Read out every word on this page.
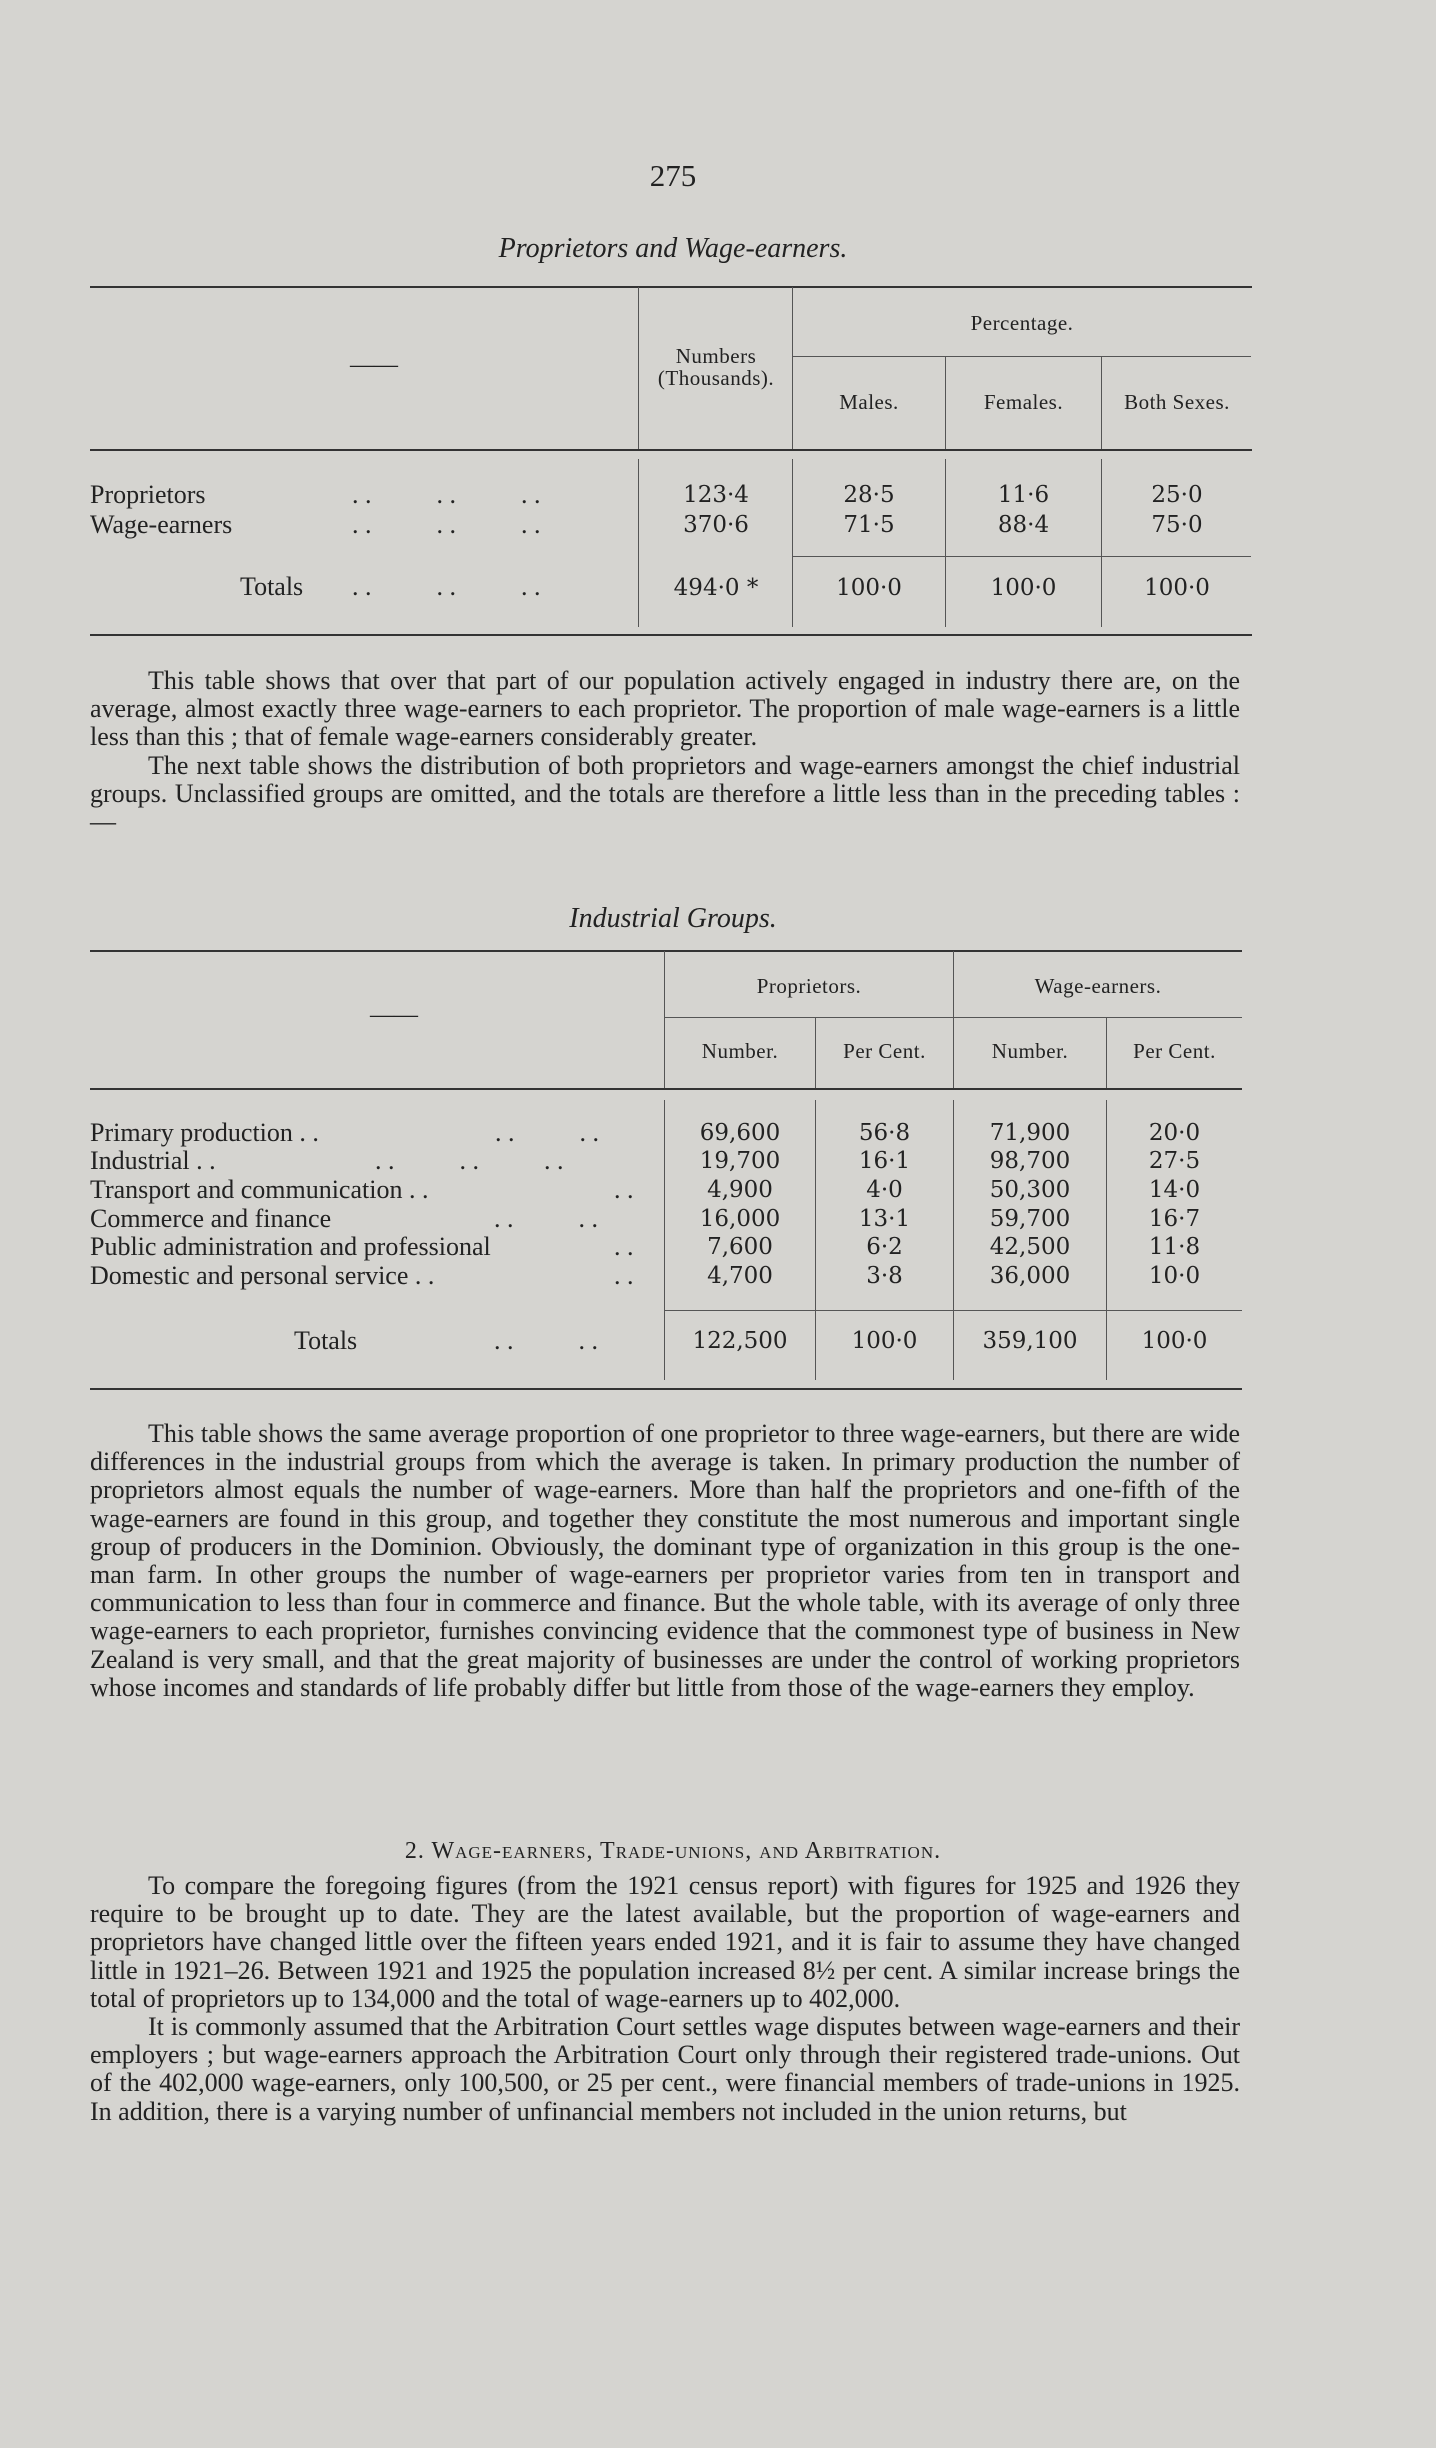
275
Proprietors and Wage-earners.
——	Numbers
(Thousands).
Percentage.
Males.	Females.	Both Sexes.
Proprietors	. .          . .          . .	123·4	28·5	11·6	25·0
Wage-earners	. .          . .          . .	370·6	71·5	88·4	75·0
Totals . .          . .          . .	494·0 *	100·0	100·0	100·0

This table shows that over that part of our population actively engaged in industry there are, on the average, almost exactly three wage-earners to each proprietor. The proportion of male wage-earners is a little less than this ; that of female wage-earners considerably greater.

The next table shows the distribution of both proprietors and wage-earners amongst the chief industrial groups. Unclassified groups are omitted, and the totals are therefore a little less than in the preceding tables :—

Industrial Groups.
——
Proprietors.	Wage-earners.
Number.	Per Cent.	Number.	Per Cent.
Primary production . .	. .          . .	69,600	56·8	71,900	20·0
Industrial . .	. .          . .          . .	19,700	16·1	98,700	27·5
Transport and communication . .	. .	4,900	4·0	50,300	14·0
Commerce and finance	. .          . .	16,000	13·1	59,700	16·7
Public administration and professional	. .	7,600	6·2	42,500	11·8
Domestic and personal service . .	. .	4,700	3·8	36,000	10·0
Totals	. .          . .	122,500	100·0	359,100	100·0

This table shows the same average proportion of one proprietor to three wage-earners, but there are wide differences in the industrial groups from which the average is taken. In primary production the number of proprietors almost equals the number of wage-earners. More than half the proprietors and one-fifth of the wage-earners are found in this group, and together they constitute the most numerous and important single group of producers in the Dominion. Obviously, the dominant type of organization in this group is the one-man farm. In other groups the number of wage-earners per proprietor varies from ten in transport and communication to less than four in commerce and finance. But the whole table, with its average of only three wage-earners to each proprietor, furnishes convincing evidence that the commonest type of business in New Zealand is very small, and that the great majority of businesses are under the control of working proprietors whose incomes and standards of life probably differ but little from those of the wage-earners they employ.

2. Wage-earners, Trade-unions, and Arbitration.

To compare the foregoing figures (from the 1921 census report) with figures for 1925 and 1926 they require to be brought up to date. They are the latest available, but the proportion of wage-earners and proprietors have changed little over the fifteen years ended 1921, and it is fair to assume they have changed little in 1921–26. Between 1921 and 1925 the population increased 8½ per cent. A similar increase brings the total of proprietors up to 134,000 and the total of wage-earners up to 402,000.

It is commonly assumed that the Arbitration Court settles wage disputes between wage-earners and their employers ; but wage-earners approach the Arbitration Court only through their registered trade-unions. Out of the 402,000 wage-earners, only 100,500, or 25 per cent., were financial members of trade-unions in 1925. In addition, there is a varying number of unfinancial members not included in the union returns, but
